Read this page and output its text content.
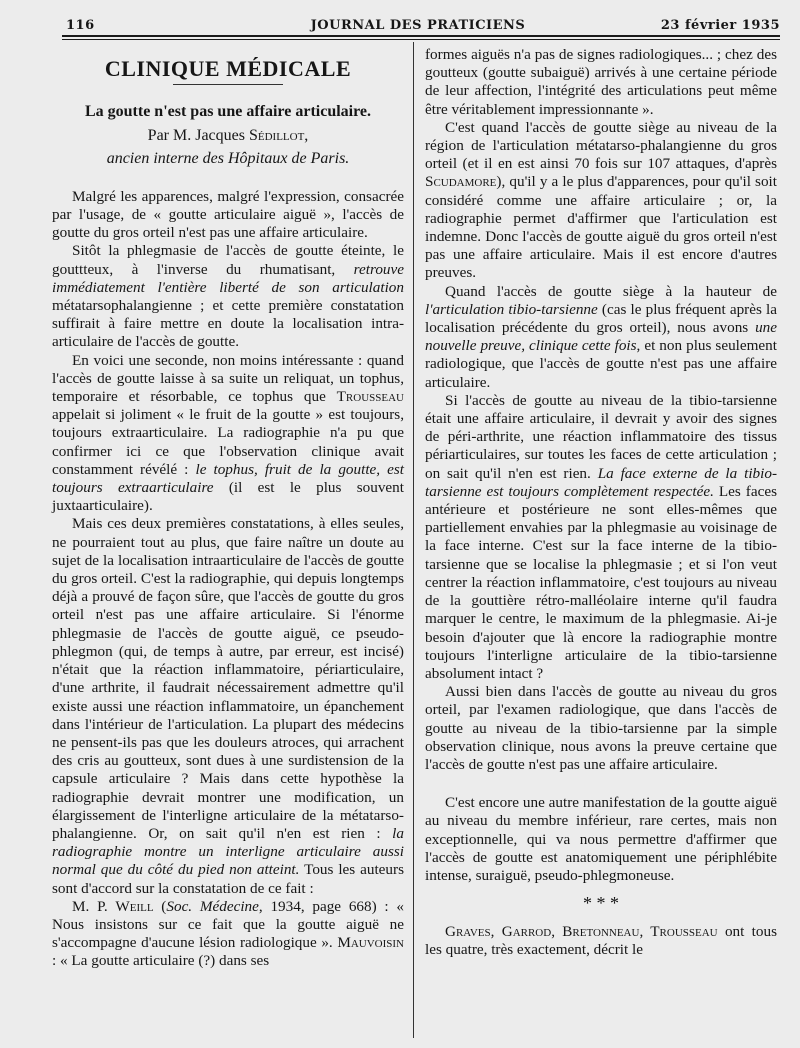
116	JOURNAL DES PRATICIENS	23 février 1935
CLINIQUE MÉDICALE
La goutte n'est pas une affaire articulaire.
Par M. Jacques Sédillot,
ancien interne des Hôpitaux de Paris.

Malgré les apparences, malgré l'expression, consacrée par l'usage, de « goutte articulaire aiguë », l'accès de goutte du gros orteil n'est pas une affaire articulaire.

Sitôt la phlegmasie de l'accès de goutte éteinte, le gouttteux, à l'inverse du rhumatisant, retrouve immédiatement l'entière liberté de son articulation métatarsophalangienne ; et cette première constatation suffirait à faire mettre en doute la localisation intra-articulaire de l'accès de goutte.

En voici une seconde, non moins intéressante : quand l'accès de goutte laisse à sa suite un reliquat, un tophus, temporaire et résorbable, ce tophus que Trousseau appelait si joliment « le fruit de la goutte » est toujours, toujours extraarticulaire. La radiographie n'a pu que confirmer ici ce que l'observation clinique avait constamment révélé : le tophus, fruit de la goutte, est toujours extraarticulaire (il est le plus souvent juxtaarticulaire).

Mais ces deux premières constatations, à elles seules, ne pourraient tout au plus, que faire naître un doute au sujet de la localisation intraarticulaire de l'accès de goutte du gros orteil. C'est la radiographie, qui depuis longtemps déjà a prouvé de façon sûre, que l'accès de goutte du gros orteil n'est pas une affaire articulaire. Si l'énorme phlegmasie de l'accès de goutte aiguë, ce pseudo-phlegmon (qui, de temps à autre, par erreur, est incisé) n'était que la réaction inflammatoire, périarticulaire, d'une arthrite, il faudrait nécessairement admettre qu'il existe aussi une réaction inflammatoire, un épanchement dans l'intérieur de l'articulation. La plupart des médecins ne pensent-ils pas que les douleurs atroces, qui arrachent des cris au goutteux, sont dues à une surdistension de la capsule articulaire ? Mais dans cette hypothèse la radiographie devrait montrer une modification, un élargissement de l'interligne articulaire de la métatarso-phalangienne. Or, on sait qu'il n'en est rien : la radiographie montre un interligne articulaire aussi normal que du côté du pied non atteint. Tous les auteurs sont d'accord sur la constatation de ce fait :

M. P. Weill (Soc. Médecine, 1934, page 668) : « Nous insistons sur ce fait que la goutte aiguë ne s'accompagne d'aucune lésion radiologique ». Mauvoisin : « La goutte articulaire (?) dans ses

formes aiguës n'a pas de signes radiologiques... ; chez des goutteux (goutte subaiguë) arrivés à une certaine période de leur affection, l'intégrité des articulations peut même être véritablement impressionnante ».

C'est quand l'accès de goutte siège au niveau de la région de l'articulation métatarso-phalangienne du gros orteil (et il en est ainsi 70 fois sur 107 attaques, d'après Scudamore), qu'il y a le plus d'apparences, pour qu'il soit considéré comme une affaire articulaire ; or, la radiographie permet d'affirmer que l'articulation est indemne. Donc l'accès de goutte aiguë du gros orteil n'est pas une affaire articulaire. Mais il est encore d'autres preuves.

Quand l'accès de goutte siège à la hauteur de l'articulation tibio-tarsienne (cas le plus fréquent après la localisation précédente du gros orteil), nous avons une nouvelle preuve, clinique cette fois, et non plus seulement radiologique, que l'accès de goutte n'est pas une affaire articulaire.

Si l'accès de goutte au niveau de la tibio-tarsienne était une affaire articulaire, il devrait y avoir des signes de péri-arthrite, une réaction inflammatoire des tissus périarticulaires, sur toutes les faces de cette articulation ; on sait qu'il n'en est rien. La face externe de la tibio-tarsienne est toujours complètement respectée. Les faces antérieure et postérieure ne sont elles-mêmes que partiellement envahies par la phlegmasie au voisinage de la face interne. C'est sur la face interne de la tibio-tarsienne que se localise la phlegmasie ; et si l'on veut centrer la réaction inflammatoire, c'est toujours au niveau de la gouttière rétro-malléolaire interne qu'il faudra marquer le centre, le maximum de la phlegmasie. Ai-je besoin d'ajouter que là encore la radiographie montre toujours l'interligne articulaire de la tibio-tarsienne absolument intact ?

Aussi bien dans l'accès de goutte au niveau du gros orteil, par l'examen radiologique, que dans l'accès de goutte au niveau de la tibio-tarsienne par la simple observation clinique, nous avons la preuve certaine que l'accès de goutte n'est pas une affaire articulaire.

C'est encore une autre manifestation de la goutte aiguë au niveau du membre inférieur, rare certes, mais non exceptionnelle, qui va nous permettre d'affirmer que l'accès de goutte est anatomiquement une périphlébite intense, suraiguë, pseudo-phlegmoneuse.

* * *

Graves, Garrod, Bretonneau, Trousseau ont tous les quatre, très exactement, décrit le
